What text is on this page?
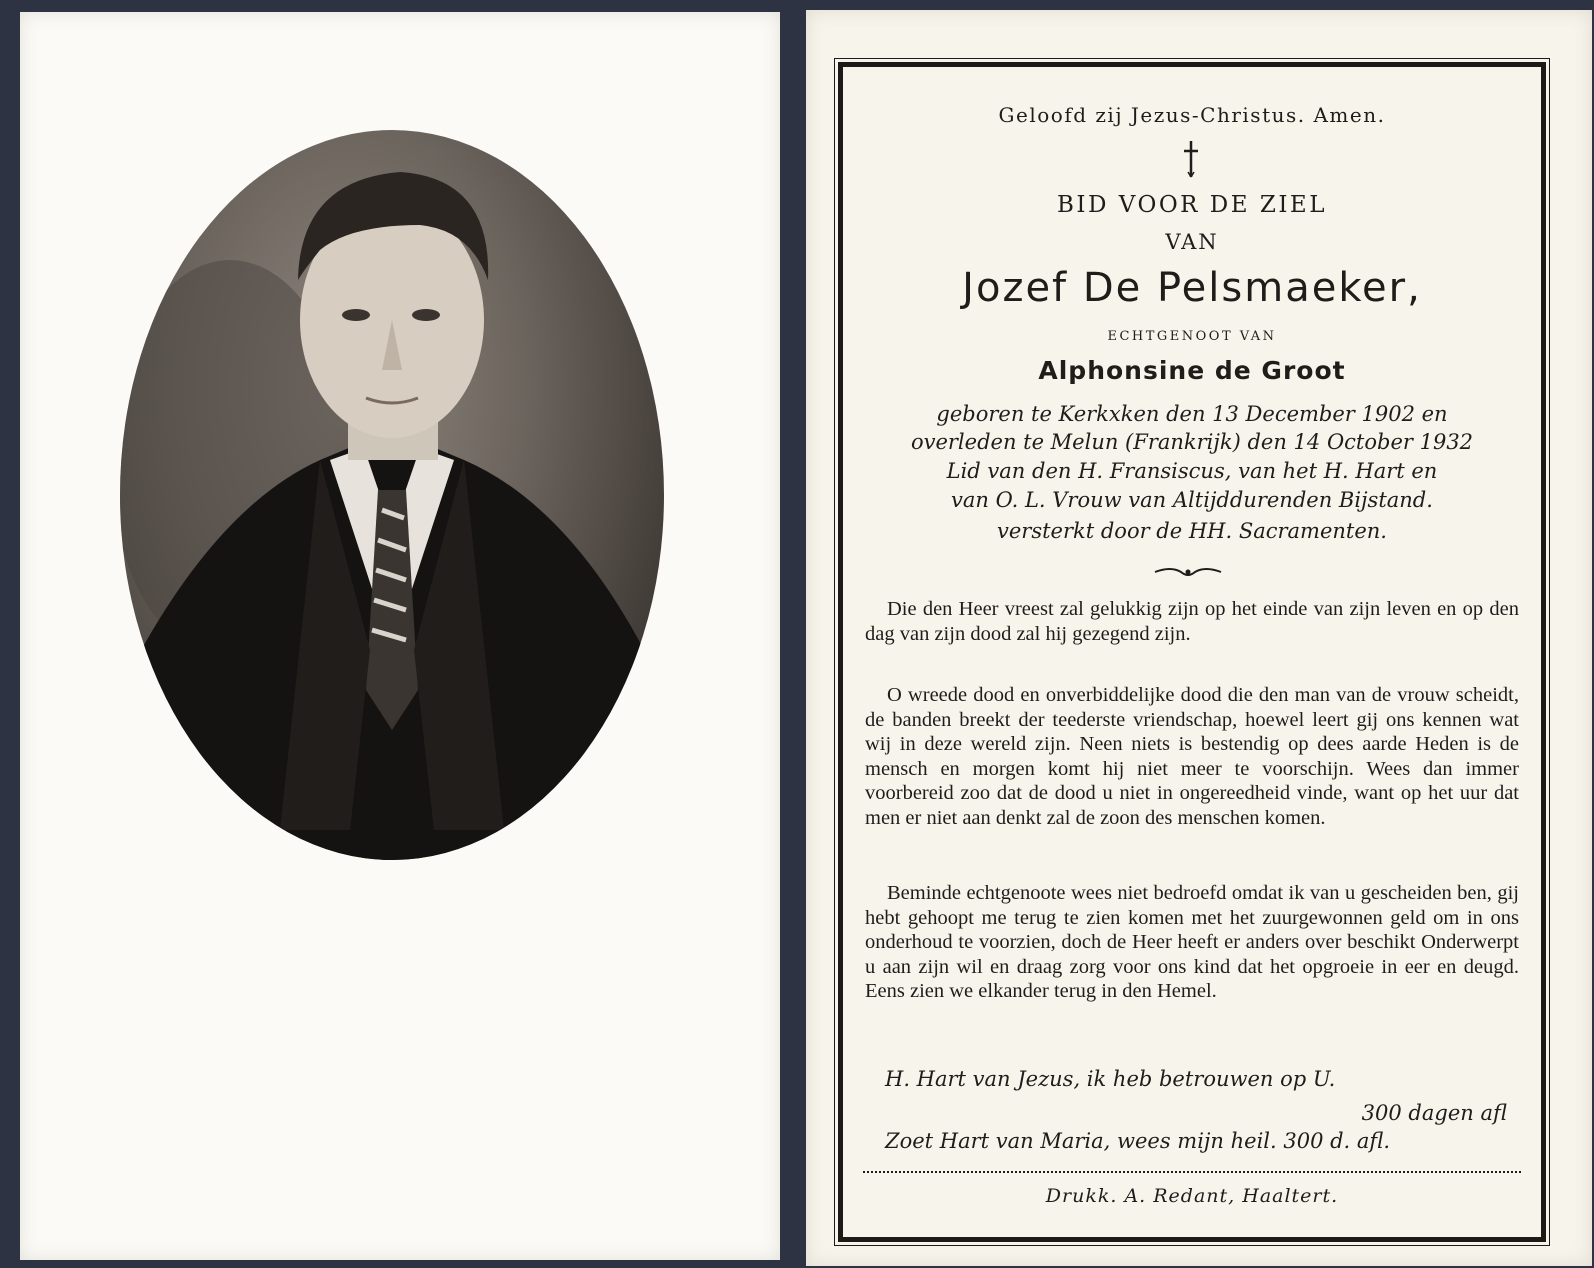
Geloofd zij Jezus-Christus. Amen.
BID VOOR DE ZIEL
VAN
Jozef De Pelsmaeker,
ECHTGENOOT VAN
Alphonsine de Groot
geboren te Kerkxken den 13 December 1902 en
overleden te Melun (Frankrijk) den 14 October 1932
Lid van den H. Fransiscus, van het H. Hart en
van O. L. Vrouw van Altijddurenden Bijstand.
versterkt door de HH. Sacramenten.
Die den Heer vreest zal gelukkig zijn op het einde van zijn leven en op den dag van zijn dood zal hij gezegend zijn.
O wreede dood en onverbiddelijke dood die den man van de vrouw scheidt, de banden breekt der teederste vriendschap, hoewel leert gij ons kennen wat wij in deze wereld zijn. Neen niets is bestendig op dees aarde Heden is de mensch en morgen komt hij niet meer te voorschijn. Wees dan immer voorbereid zoo dat de dood u niet in ongereedheid vinde, want op het uur dat men er niet aan denkt zal de zoon des menschen komen.
Beminde echtgenoote wees niet bedroefd omdat ik van u gescheiden ben, gij hebt gehoopt me terug te zien komen met het zuurgewonnen geld om in ons onderhoud te voorzien, doch de Heer heeft er anders over beschikt Onderwerpt u aan zijn wil en draag zorg voor ons kind dat het opgroeie in eer en deugd. Eens zien we elkander terug in den Hemel.
H. Hart van Jezus, ik heb betrouwen op U.
300 dagen afl
Zoet Hart van Maria, wees mijn heil. 300 d. afl.
Drukk. A. Redant, Haaltert.
